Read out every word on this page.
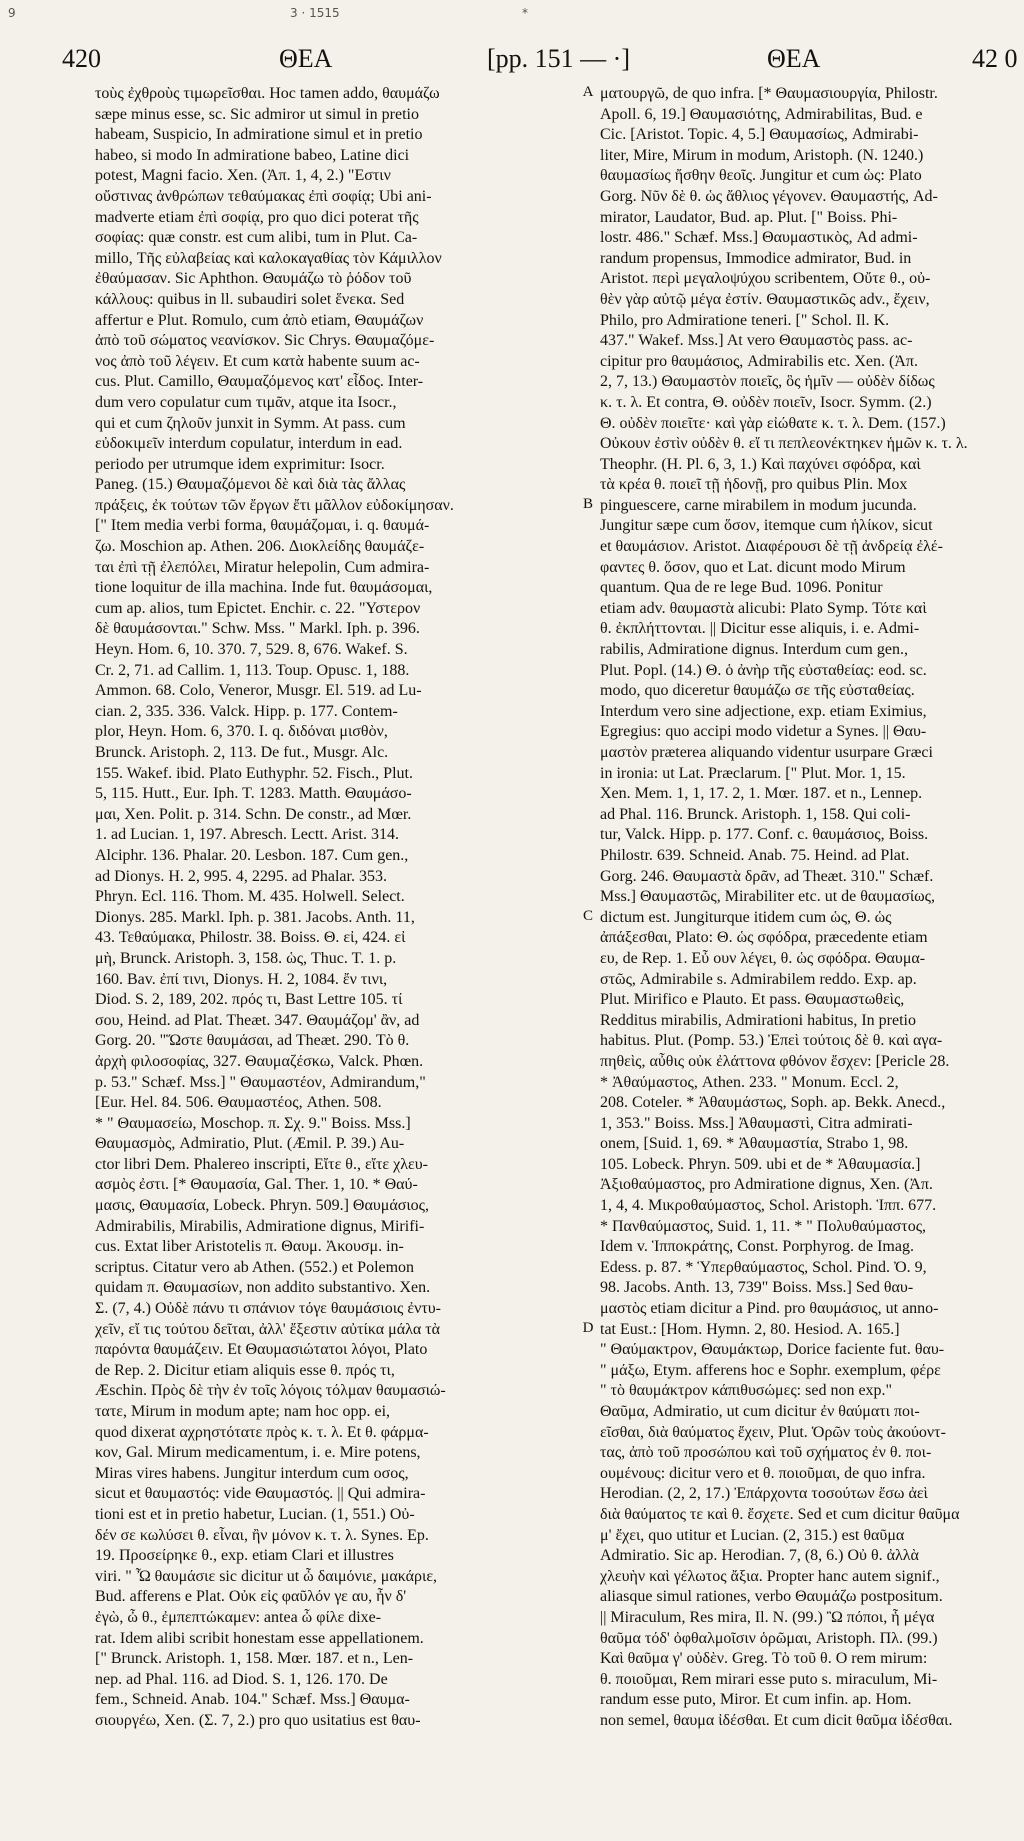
9	3 · 1515	*
420	ΘΕΑ	[pp. 151 — ·]	ΘΕΑ	42 0
τοὺς ἐχθροὺς τιμωρεῖσθαι. Hoc tamen addo, θαυμάζω
sæpe minus esse, sc. Sic admiror ut simul in pretio
habeam, Suspicio, In admiratione simul et in pretio
habeo, si modo In admiratione babeo, Latine dici
potest, Magni facio. Xen. (Ἀπ. 1, 4, 2.) "Εστιν
οὔστινας ἀνθρώπων τεθαύμακας ἐπὶ σοφίᾳ; Ubi ani-
madverte etiam ἐπὶ σοφίᾳ, pro quo dici poterat τῆς
σοφίας: quæ constr. est cum alibi, tum in Plut. Ca-
millo, Τῆς εὐλαβείας καὶ καλοκαγαθίας τὸν Κάμιλλον
ἐθαύμασαν. Sic Aphthon. Θαυμάζω τὸ ῥόδον τοῦ
κάλλους: quibus in ll. subaudiri solet ἕνεκα. Sed
affertur e Plut. Romulo, cum ἀπὸ etiam, Θαυμάζων
ἀπὸ τοῦ σώματος νεανίσκον. Sic Chrys. Θαυμαζόμε-
νος ἀπὸ τοῦ λέγειν. Et cum κατὰ habente suum ac-
cus. Plut. Camillo, Θαυμαζόμενος κατ' εἶδος. Inter-
dum vero copulatur cum τιμᾶν, atque ita Isocr.,
qui et cum ζηλοῦν junxit in Symm. At pass. cum
εὐδοκιμεῖν interdum copulatur, interdum in ead.
periodo per utrumque idem exprimitur: Isocr.
Paneg. (15.) Θαυμαζόμενοι δὲ καὶ διὰ τὰς ἄλλας
πράξεις, ἐκ τούτων τῶν ἔργων ἔτι μᾶλλον εὐδοκίμησαν.
[" Item media verbi forma, θαυμάζομαι, i. q. θαυμά-
ζω. Moschion ap. Athen. 206. Διοκλείδης θαυμάζε-
ται ἐπὶ τῇ ἐλεπόλει, Miratur helepolin, Cum admira-
tione loquitur de illa machina. Inde fut. θαυμάσομαι,
cum ap. alios, tum Epictet. Enchir. c. 22. "Υστερον
δὲ θαυμάσονται." Schw. Mss. " Markl. Iph. p. 396.
Heyn. Hom. 6, 10. 370. 7, 529. 8, 676. Wakef. S.
Cr. 2, 71. ad Callim. 1, 113. Toup. Opusc. 1, 188.
Ammon. 68. Colo, Veneror, Musgr. El. 519. ad Lu-
cian. 2, 335. 336. Valck. Hipp. p. 177. Contem-
plor, Heyn. Hom. 6, 370. I. q. διδόναι μισθὸν,
Brunck. Aristoph. 2, 113. De fut., Musgr. Alc.
155. Wakef. ibid. Plato Euthyphr. 52. Fisch., Plut.
5, 115. Hutt., Eur. Iph. T. 1283. Matth. Θαυμάσο-
μαι, Xen. Polit. p. 314. Schn. De constr., ad Mœr.
1. ad Lucian. 1, 197. Abresch. Lectt. Arist. 314.
Alciphr. 136. Phalar. 20. Lesbon. 187. Cum gen.,
ad Dionys. H. 2, 995. 4, 2295. ad Phalar. 353.
Phryn. Ecl. 116. Thom. M. 435. Holwell. Select.
Dionys. 285. Markl. Iph. p. 381. Jacobs. Anth. 11,
43. Τεθαύμακα, Philostr. 38. Boiss. Θ. εἰ, 424. εἰ
μὴ, Brunck. Aristoph. 3, 158. ὡς, Thuc. T. 1. p.
160. Bav. ἐπί τινι, Dionys. H. 2, 1084. ἔν τινι,
Diod. S. 2, 189, 202. πρός τι, Bast Lettre 105. τί
σου, Heind. ad Plat. Theæt. 347. Θαυμάζομ' ἂν, ad
Gorg. 20. "Ὥστε θαυμάσαι, ad Theæt. 290. Τὸ θ.
ἀρχὴ φιλοσοφίας, 327. Θαυμαζέσκω, Valck. Phœn.
p. 53." Schæf. Mss.] " Θαυμαστέον, Admirandum,"
[Eur. Hel. 84. 506. Θαυμαστέος, Athen. 508.
* " Θαυμασείω, Moschop. π. Σχ. 9." Boiss. Mss.]
Θαυμασμὸς, Admiratio, Plut. (Æmil. P. 39.) Au-
ctor libri Dem. Phalereo inscripti, Εἴτε θ., εἴτε χλευ-
ασμὸς ἐστι. [* Θαυμασία, Gal. Ther. 1, 10. * Θαύ-
μασις, Θαυμασία, Lobeck. Phryn. 509.] Θαυμάσιος,
Admirabilis, Mirabilis, Admiratione dignus, Mirifi-
cus. Extat liber Aristotelis π. Θαυμ. Ἀκουσμ. in-
scriptus. Citatur vero ab Athen. (552.) et Polemon
quidam π. Θαυμασίων, non addito substantivo. Xen.
Σ. (7, 4.) Οὐδὲ πάνυ τι σπάνιον τόγε θαυμάσιοις ἐντυ-
χεῖν, εἴ τις τούτου δεῖται, ἀλλ' ἔξεστιν αὐτίκα μάλα τὰ
παρόντα θαυμάζειν. Et Θαυμασιώτατοι λόγοι, Plato
de Rep. 2. Dicitur etiam aliquis esse θ. πρός τι,
Æschin. Πρὸς δὲ τὴν ἐν τοῖς λόγοις τόλμαν θαυμασιώ-
τατε, Mirum in modum apte; nam hoc opp. ei,
quod dixerat αχρηστότατε πρὸς κ. τ. λ. Et θ. φάρμα-
κον, Gal. Mirum medicamentum, i. e. Mire potens,
Miras vires habens. Jungitur interdum cum οσος,
sicut et θαυμαστός: vide Θαυμαστός. || Qui admira-
tioni est et in pretio habetur, Lucian. (1, 551.) Οὐ-
δέν σε κωλύσει θ. εἶναι, ἢν μόνον κ. τ. λ. Synes. Ep.
19. Προσείρηκε θ., exp. etiam Clari et illustres
viri. " Ὦ θαυμάσιε sic dicitur ut ὦ δαιμόνιε, μακάριε,
Bud. afferens e Plat. Οὐκ εἰς φαῦλόν γε αυ, ἦν δ'
ἐγὼ, ὦ θ., ἐμπεπτώκαμεν: antea ὦ φίλε dixe-
rat. Idem alibi scribit honestam esse appellationem.
[" Brunck. Aristoph. 1, 158. Mœr. 187. et n., Len-
nep. ad Phal. 116. ad Diod. S. 1, 126. 170. De
fem., Schneid. Anab. 104." Schæf. Mss.] Θαυμα-
σιουργέω, Xen. (Σ. 7, 2.) pro quo usitatius est θαυ-
ματουργῶ, de quo infra. [* Θαυμασιουργία, Philostr.
Apoll. 6, 19.] Θαυμασιότης, Admirabilitas, Bud. e
Cic. [Aristot. Topic. 4, 5.] Θαυμασίως, Admirabi-
liter, Mire, Mirum in modum, Aristoph. (N. 1240.)
θαυμασίως ἤσθην θεοῖς. Jungitur et cum ὡς: Plato
Gorg. Νῦν δὲ θ. ὡς ἄθλιος γέγονεν. Θαυμαστής, Ad-
mirator, Laudator, Bud. ap. Plut. [" Boiss. Phi-
lostr. 486." Schæf. Mss.] Θαυμαστικὸς, Ad admi-
randum propensus, Immodice admirator, Bud. in
Aristot. περὶ μεγαλοψύχου scribentem, Οὔτε θ., οὐ-
θὲν γὰρ αὐτῷ μέγα ἐστίν. Θαυμαστικῶς adv., ἔχειν,
Philo, pro Admiratione teneri. [" Schol. Il. K.
437." Wakef. Mss.] At vero Θαυμαστὸς pass. ac-
cipitur pro θαυμάσιος, Admirabilis etc. Xen. (Ἀπ.
2, 7, 13.) Θαυμαστὸν ποιεῖς, ὃς ἡμῖν — οὐδὲν δίδως
κ. τ. λ. Et contra, Θ. οὐδὲν ποιεῖν, Isocr. Symm. (2.)
Θ. οὐδὲν ποιεῖτε· καὶ γὰρ εἰώθατε κ. τ. λ. Dem. (157.)
Οὐκουν ἐστὶν οὐδὲν θ. εἴ τι πεπλεονέκτηκεν ἡμῶν κ. τ. λ.
Theophr. (H. Pl. 6, 3, 1.) Καὶ παχύνει σφόδρα, καὶ
τὰ κρέα θ. ποιεῖ τῇ ἡδονῇ, pro quibus Plin. Mox
pinguescere, carne mirabilem in modum jucunda.
Jungitur sæpe cum ὅσον, itemque cum ἡλίκον, sicut
et θαυμάσιον. Aristot. Διαφέρουσι δὲ τῇ ἀνδρείᾳ ἐλέ-
φαντες θ. ὅσον, quo et Lat. dicunt modo Mirum
quantum. Qua de re lege Bud. 1096. Ponitur
etiam adv. θαυμαστὰ alicubi: Plato Symp. Τότε καὶ
θ. ἐκπλήττονται. || Dicitur esse aliquis, i. e. Admi-
rabilis, Admiratione dignus. Interdum cum gen.,
Plut. Popl. (14.) Θ. ὁ ἀνὴρ τῆς εὐσταθείας: eod. sc.
modo, quo diceretur θαυμάζω σε τῆς εὐσταθείας.
Interdum vero sine adjectione, exp. etiam Eximius,
Egregius: quo accipi modo videtur a Synes. || Θαυ-
μαστὸν præterea aliquando videntur usurpare Græci
in ironia: ut Lat. Præclarum. [" Plut. Mor. 1, 15.
Xen. Mem. 1, 1, 17. 2, 1. Mœr. 187. et n., Lennep.
ad Phal. 116. Brunck. Aristoph. 1, 158. Qui coli-
tur, Valck. Hipp. p. 177. Conf. c. θαυμάσιος, Boiss.
Philostr. 639. Schneid. Anab. 75. Heind. ad Plat.
Gorg. 246. Θαυμαστὰ δρᾶν, ad Theæt. 310." Schæf.
Mss.] Θαυμαστῶς, Mirabiliter etc. ut de θαυμασίως,
dictum est. Jungiturque itidem cum ὡς, Θ. ὡς
ἀπάξεσθαι, Plato: Θ. ὡς σφόδρα, præcedente etiam
ευ, de Rep. 1. Εὖ ουν λέγει, θ. ὡς σφόδρα. Θαυμα-
στῶς, Admirabile s. Admirabilem reddo. Exp. ap.
Plut. Mirifico e Plauto. Et pass. Θαυμαστωθεὶς,
Redditus mirabilis, Admirationi habitus, In pretio
habitus. Plut. (Pomp. 53.) Ἐπεὶ τούτοις δὲ θ. καὶ αγα-
πηθεὶς, αὖθις οὐκ ἐλάττονα φθόνον ἔσχεν: [Pericle 28.
* Ἀθαύμαστος, Athen. 233. " Monum. Eccl. 2,
208. Coteler. * Ἀθαυμάστως, Soph. ap. Bekk. Anecd.,
1, 353." Boiss. Mss.] Ἀθαυμαστὶ, Citra admirati-
onem, [Suid. 1, 69. * Ἀθαυμαστία, Strabo 1, 98.
105. Lobeck. Phryn. 509. ubi et de * Ἀθαυμασία.]
Ἀξιοθαύμαστος, pro Admiratione dignus, Xen. (Ἀπ.
1, 4, 4. Μικροθαύμαστος, Schol. Aristoph. Ἱππ. 677.
* Πανθαύμαστος, Suid. 1, 11. * " Πολυθαύμαστος,
Idem v. Ἱπποκράτης, Const. Porphyrog. de Imag.
Edess. p. 87. * Ὑπερθαύμαστος, Schol. Pind. Ὀ. 9,
98. Jacobs. Anth. 13, 739" Boiss. Mss.] Sed θαυ-
μαστὸς etiam dicitur a Pind. pro θαυμάσιος, ut anno-
tat Eust.: [Hom. Hymn. 2, 80. Hesiod. A. 165.]
" Θαύμακτρον, Θαυμάκτωρ, Dorice faciente fut. θαυ-
" μάξω, Etym. afferens hoc e Sophr. exemplum, φέρε
" τὸ θαυμάκτρον κάπιθυσώμες: sed non exp."
Θαῦμα, Admiratio, ut cum dicitur ἐν θαύματι ποι-
εῖσθαι, διὰ θαύματος ἔχειν, Plut. Ὁρῶν τοὺς ἀκούοντ-
τας, ἀπὸ τοῦ προσώπου καὶ τοῦ σχήματος ἐν θ. ποι-
ουμένους: dicitur vero et θ. ποιοῦμαι, de quo infra.
Herodian. (2, 2, 17.) Ἐπάρχοντα τοσούτων ἔσω ἀεὶ
διὰ θαύματος τε καὶ θ. ἔσχετε. Sed et cum dicitur θαῦμα
μ' ἔχει, quo utitur et Lucian. (2, 315.) est θαῦμα
Admiratio. Sic ap. Herodian. 7, (8, 6.) Οὐ θ. ἀλλὰ
χλευὴν καὶ γέλωτος ἄξια. Propter hanc autem signif.,
aliasque simul rationes, verbo Θαυμάζω postpositum.
|| Miraculum, Res mira, Il. N. (99.) Ὢ πόποι, ἦ μέγα
θαῦμα τόδ' ὀφθαλμοῖσιν ὁρῶμαι, Aristoph. Πλ. (99.)
Καὶ θαῦμα γ' οὐδὲν. Greg. Τὸ τοῦ θ. O rem mirum:
θ. ποιοῦμαι, Rem mirari esse puto s. miraculum, Mi-
randum esse puto, Miror. Et cum infin. ap. Hom.
non semel, θαυμα ἰδέσθαι. Et cum dicit θαῦμα ἰδέσθαι.
A
B
C
D
